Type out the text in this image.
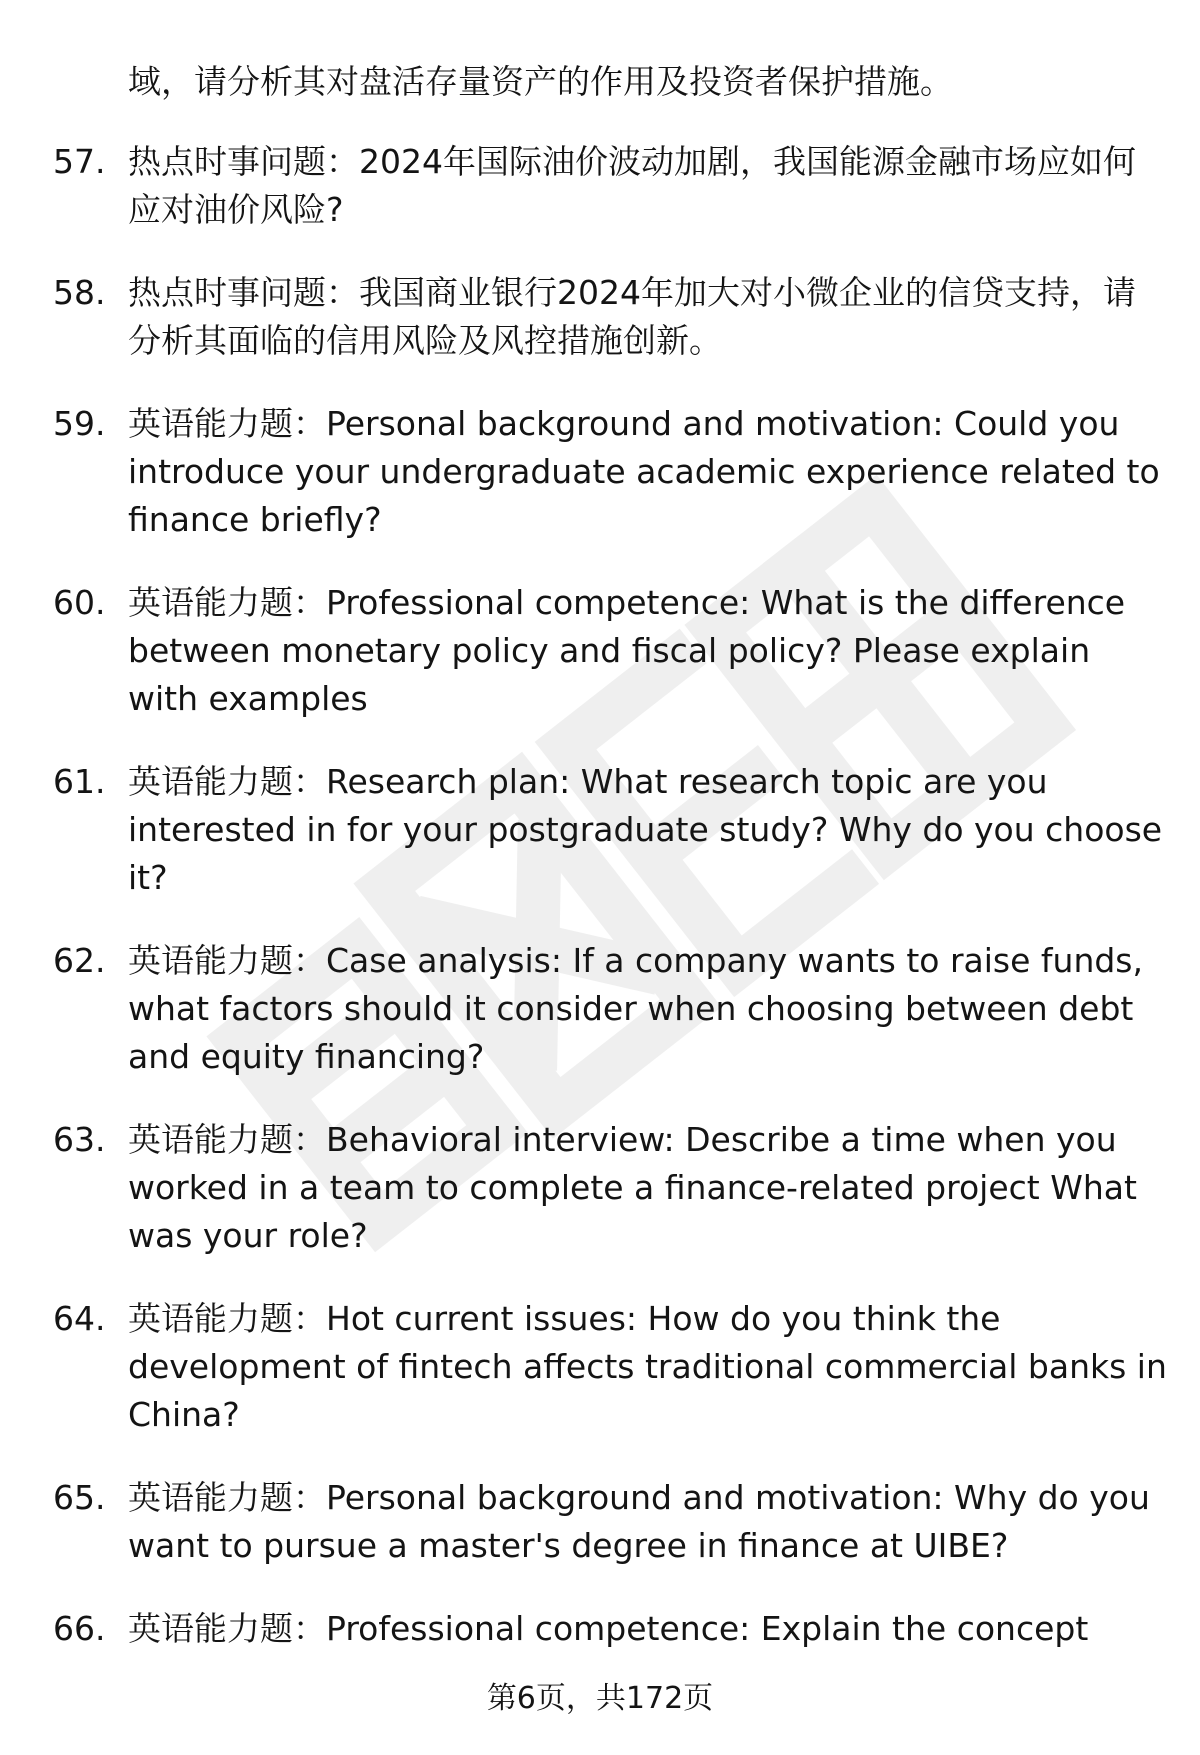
域，请分析其对盘活存量资产的作用及投资者保护措施。

57. 热点时事问题：2024年国际油价波动加剧，我国能源金融市场应如何应对油价风险?
58. 热点时事问题：我国商业银行2024年加大对小微企业的信贷支持，请分析其面临的信用风险及风控措施创新。
59. 英语能力题：Personal background and motivation: Could you introduce your undergraduate academic experience related to finance briefly?
60. 英语能力题：Professional competence: What is the difference between monetary policy and fiscal policy? Please explain with examples
61. 英语能力题：Research plan: What research topic are you interested in for your postgraduate study? Why do you choose it?
62. 英语能力题：Case analysis: If a company wants to raise funds, what factors should it consider when choosing between debt and equity financing?
63. 英语能力题：Behavioral interview: Describe a time when you worked in a team to complete a finance-related project What was your role?
64. 英语能力题：Hot current issues: How do you think the development of fintech affects traditional commercial banks in China?
65. 英语能力题：Personal background and motivation: Why do you want to pursue a master's degree in finance at UIBE?
66. 英语能力题：Professional competence: Explain the concept
第6页，共172页
